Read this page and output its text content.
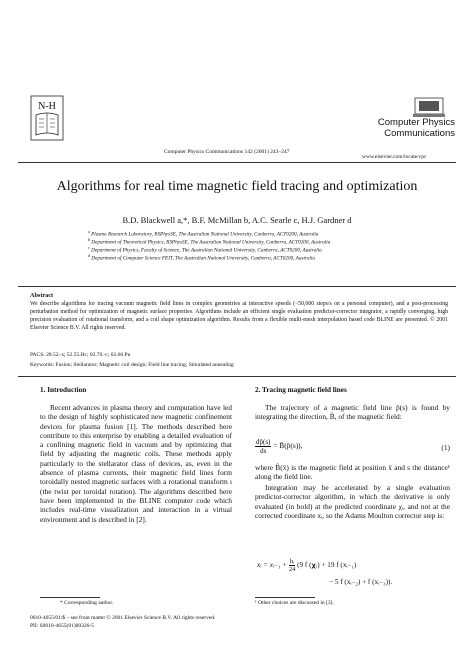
N-H
Computer Physics
Communications
Computer Physics Communications 142 (2001) 243–247
www.elsevier.com/locate/cpc
Algorithms for real time magnetic field tracing and optimization
B.D. Blackwell a,*, B.F. McMillan b, A.C. Searle c, H.J. Gardner d
$^a$ Plasma Research Laboratory, RSPhysSE, The Australian National University, Canberra, ACT0200, Australia
$^b$ Department of Theoretical Physics, RSPhysSE, The Australian National University, Canberra, ACT0200, Australia
$^c$ Department of Physics, Faculty of Science, The Australian National University, Canberra, ACT0200, Australia
$^d$ Department of Computer Science FEIT, The Australian National University, Canberra, ACT0200, Australia
Abstract
We describe algorithms for tracing vacuum magnetic field lines in complex geometries at interactive speeds (~50,000 steps/s on a personal computer), and a post-processing perturbation method for optimization of magnetic surface properties. Algorithms include an efficient single evaluation predictor-corrector integrator, a rapidly converging, high precision evaluation of rotational transform, and a coil shape optimization algorithm. Results from a flexible multi-mesh interpolation based code BLINE are presented. © 2001 Elsevier Science B.V. All rights reserved.
PACS: 28.52.-s; 52.55.Hc; 02.70.-c; 02.60.Pn
Keywords: Fusion; Stellarator; Magnetic coil design; Field line tracing; Simulated annealing
1. Introduction
Recent advances in plasma theory and computation have led to the design of highly sophisticated new magnetic confinement devices for plasma fusion [1]. The methods described here contribute to this enterprise by enabling a detailed evaluation of a confining magnetic field in vacuum and by optimizing that field by adjusting the magnetic coils. These methods apply particularly to the stellarator class of devices, as, even in the absence of plasma currents, their magnetic field lines form toroidally nested magnetic surfaces with a rotational transform ι (the twist per toroidal rotation). The algorithms described here have been implemented in the BLINE computer code which includes real-time visualization and interaction in a virtual environment and is described in [2].
2. Tracing magnetic field lines
The trajectory of a magnetic field line p̄(s) is found by integrating the direction, B̂, of the magnetic field:
$\frac{dp̄(s)}{ds}$ = B̂(p̄(s)),	(1)
where B̂(x̄) is the magnetic field at position x̄ and s the distance¹ along the field line.
Integration may be accelerated by a single evaluation predictor-corrector algorithm, in which the derivative is only evaluated (in bold) at the predicted coordinate χᵢ, and not at the corrected coordinate xᵢ, so the Adams Moulton corrector step is:
xᵢ = xᵢ₋₁ + $\frac{\text{hᵢ}}{24} (9$ f (𝛘ᵢ) + 19 f (xᵢ₋₁)
− 5 f (xᵢ₋₂) + f (xᵢ₋₃)).
* Corresponding author.	¹ Other choices are discussed in [3].
0010-4655/01/$ – see front matter © 2001 Elsevier Science B.V. All rights reserved.
PII: S0010-4655(01)00326-5
